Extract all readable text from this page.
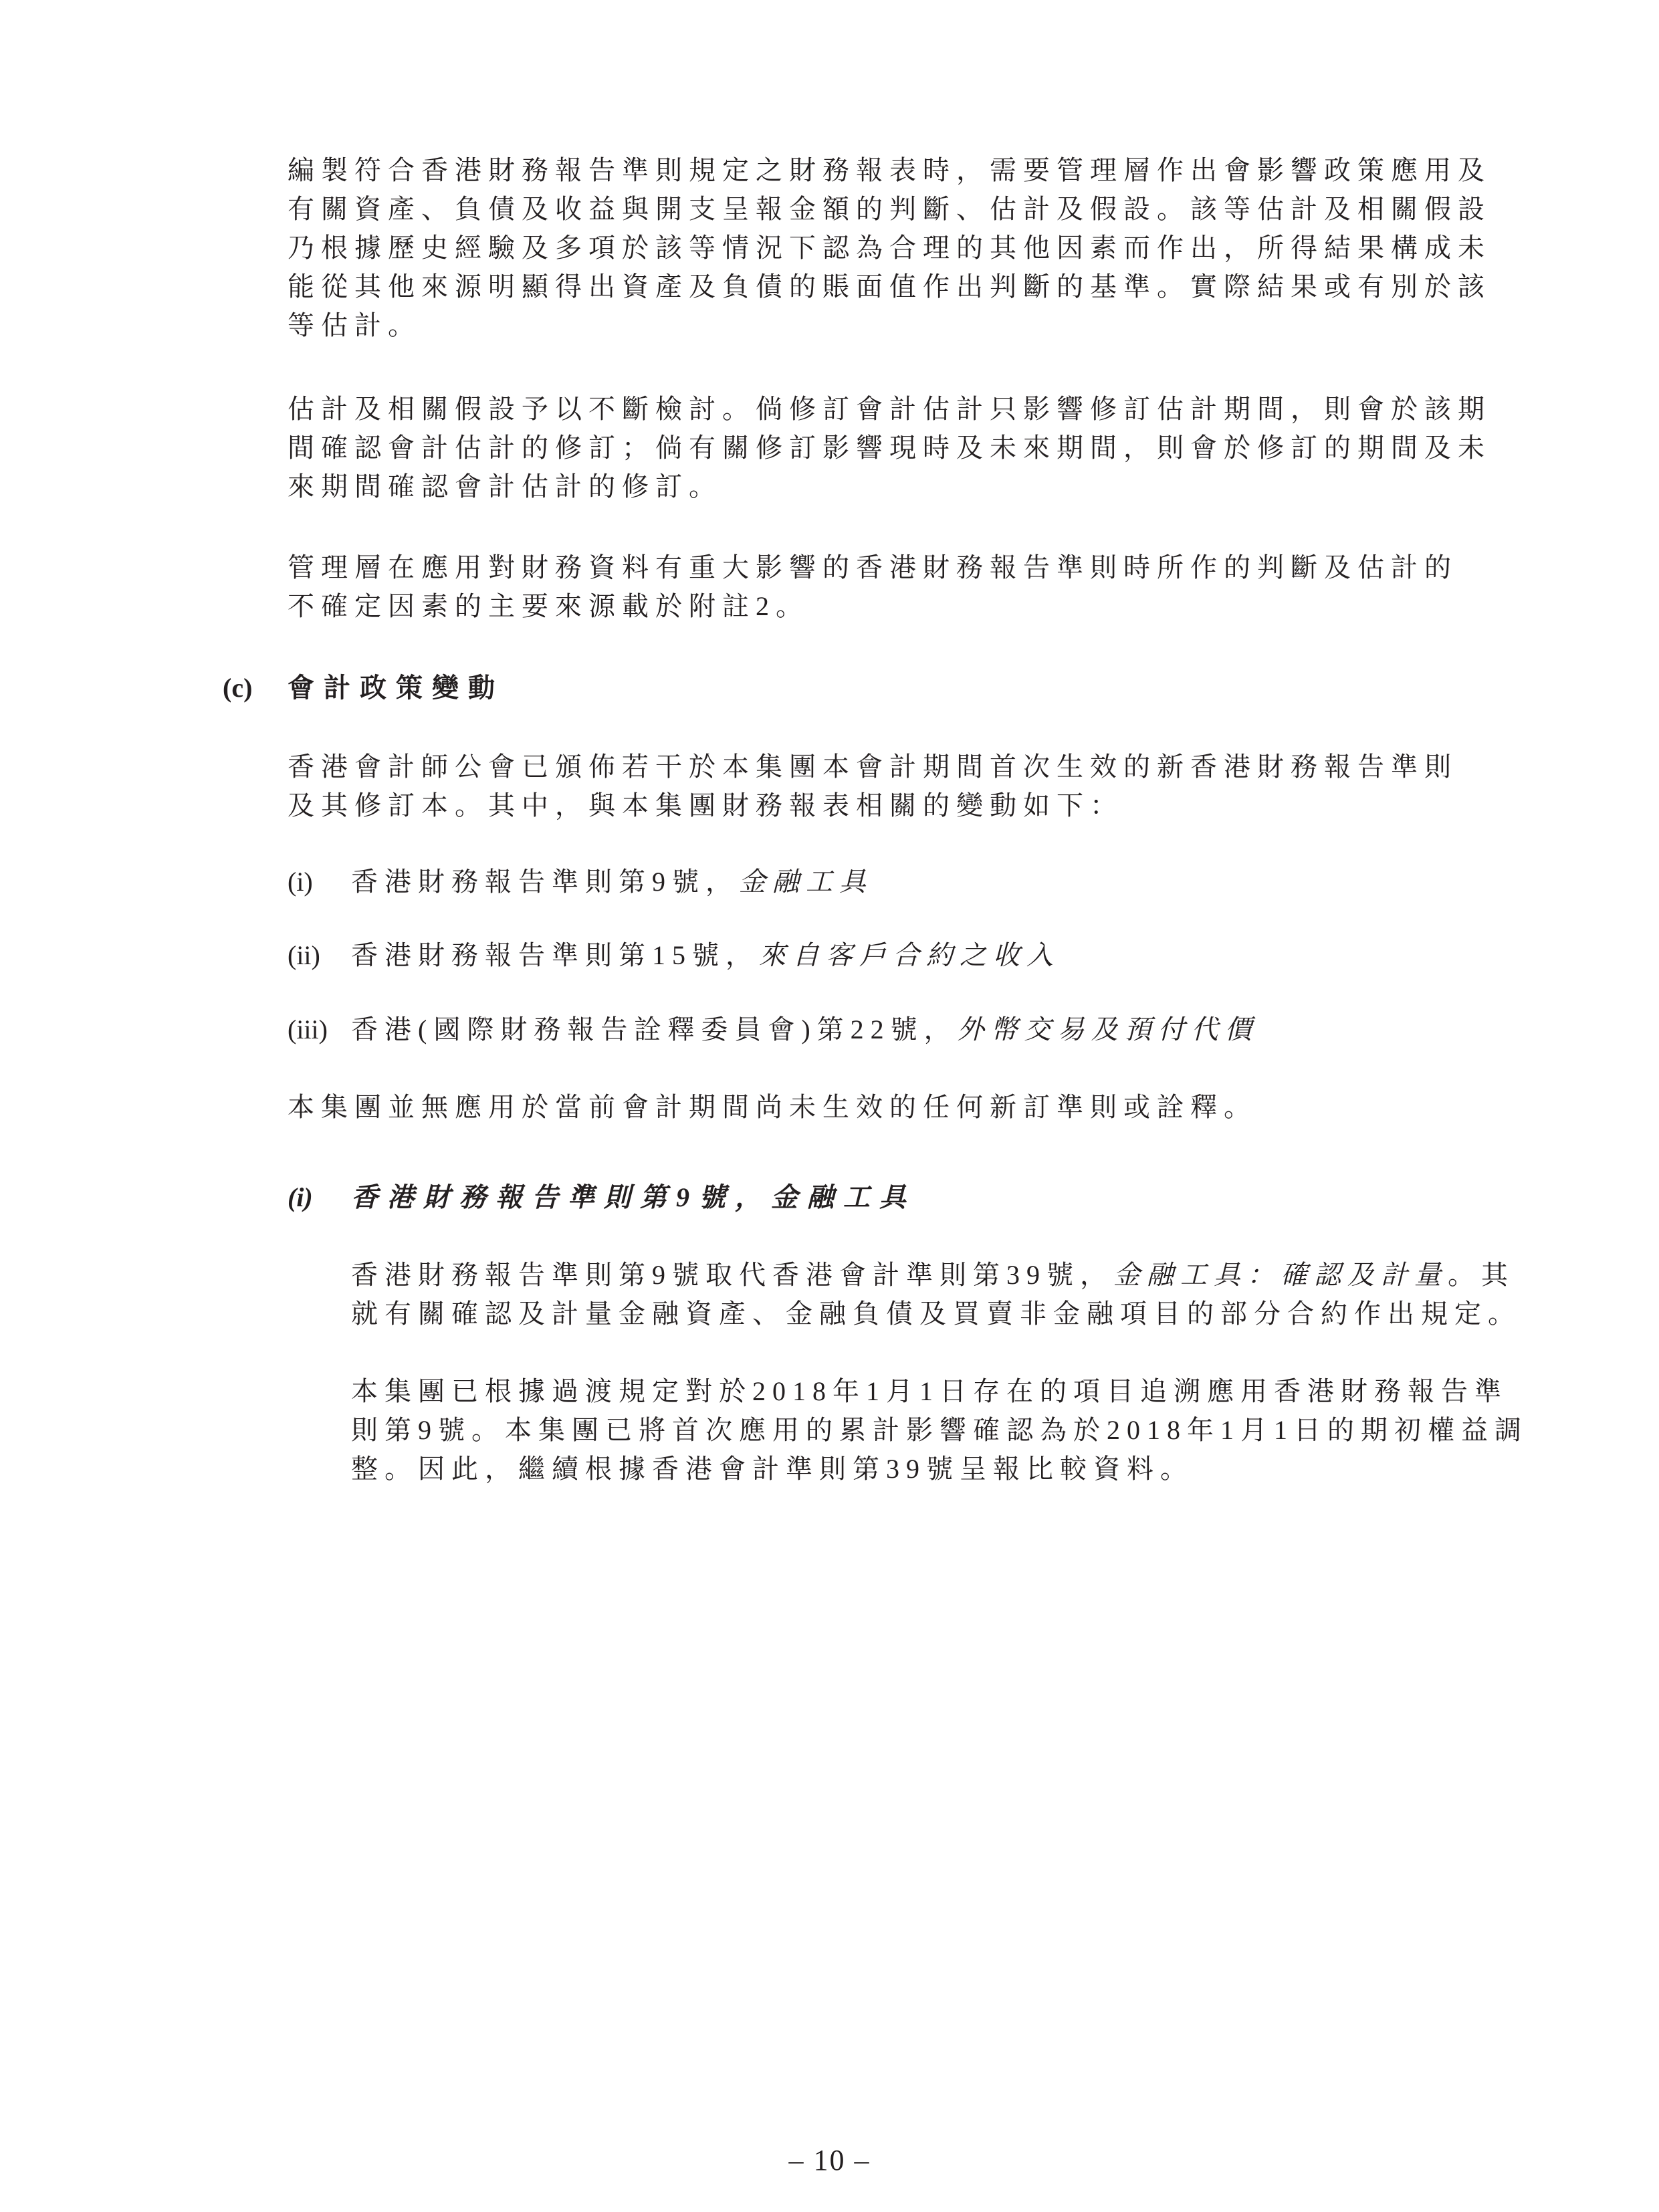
編製符合香港財務報告準則規定之財務報表時，需要管理層作出會影響政策應用及
有關資產、負債及收益與開支呈報金額的判斷、估計及假設。該等估計及相關假設
乃根據歷史經驗及多項於該等情況下認為合理的其他因素而作出，所得結果構成未
能從其他來源明顯得出資產及負債的賬面值作出判斷的基準。實際結果或有別於該
等估計。
估計及相關假設予以不斷檢討。倘修訂會計估計只影響修訂估計期間，則會於該期
間確認會計估計的修訂；倘有關修訂影響現時及未來期間，則會於修訂的期間及未
來期間確認會計估計的修訂。
管理層在應用對財務資料有重大影響的香港財務報告準則時所作的判斷及估計的
不確定因素的主要來源載於附註2。
(c) 會計政策變動
香港會計師公會已頒佈若干於本集團本會計期間首次生效的新香港財務報告準則
及其修訂本。其中，與本集團財務報表相關的變動如下：
(i) 香港財務報告準則第9號，金融工具
(ii) 香港財務報告準則第15號，來自客戶合約之收入
(iii) 香港(國際財務報告詮釋委員會)第22號，外幣交易及預付代價
本集團並無應用於當前會計期間尚未生效的任何新訂準則或詮釋。
(i) 香港財務報告準則第9號，金融工具
香港財務報告準則第9號取代香港會計準則第39號，金融工具：確認及計量。其
就有關確認及計量金融資產、金融負債及買賣非金融項目的部分合約作出規定。
本集團已根據過渡規定對於2018年1月1日存在的項目追溯應用香港財務報告準
則第9號。本集團已將首次應用的累計影響確認為於2018年1月1日的期初權益調
整。因此，繼續根據香港會計準則第39號呈報比較資料。
– 10 –
